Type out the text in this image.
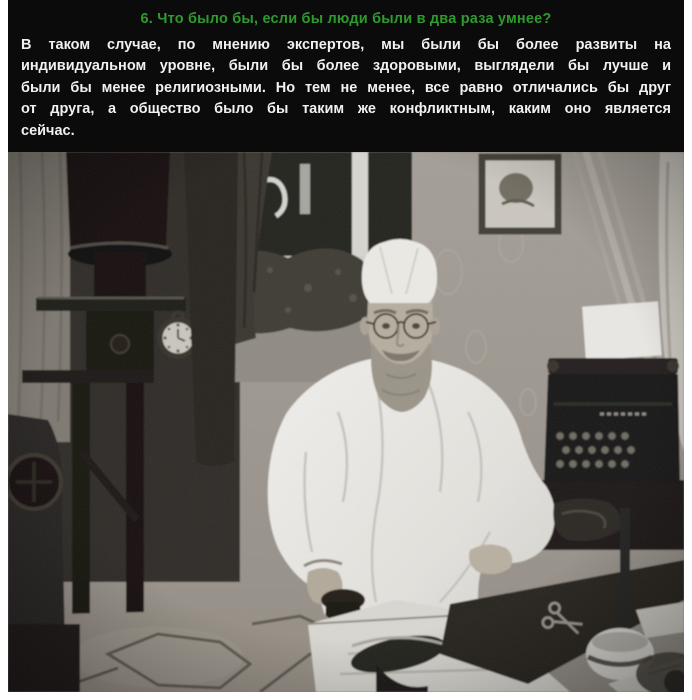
6. Что было бы, если бы люди были в два раза умнее?
В таком случае, по мнению экспертов, мы были бы более развиты на
индивидуальном уровне, были бы более здоровыми, выглядели бы лучше и
были бы менее религиозными. Но тем не менее, все равно отличались бы друг
от друга, а общество было бы таким же конфликтным, каким оно является
сейчас.
